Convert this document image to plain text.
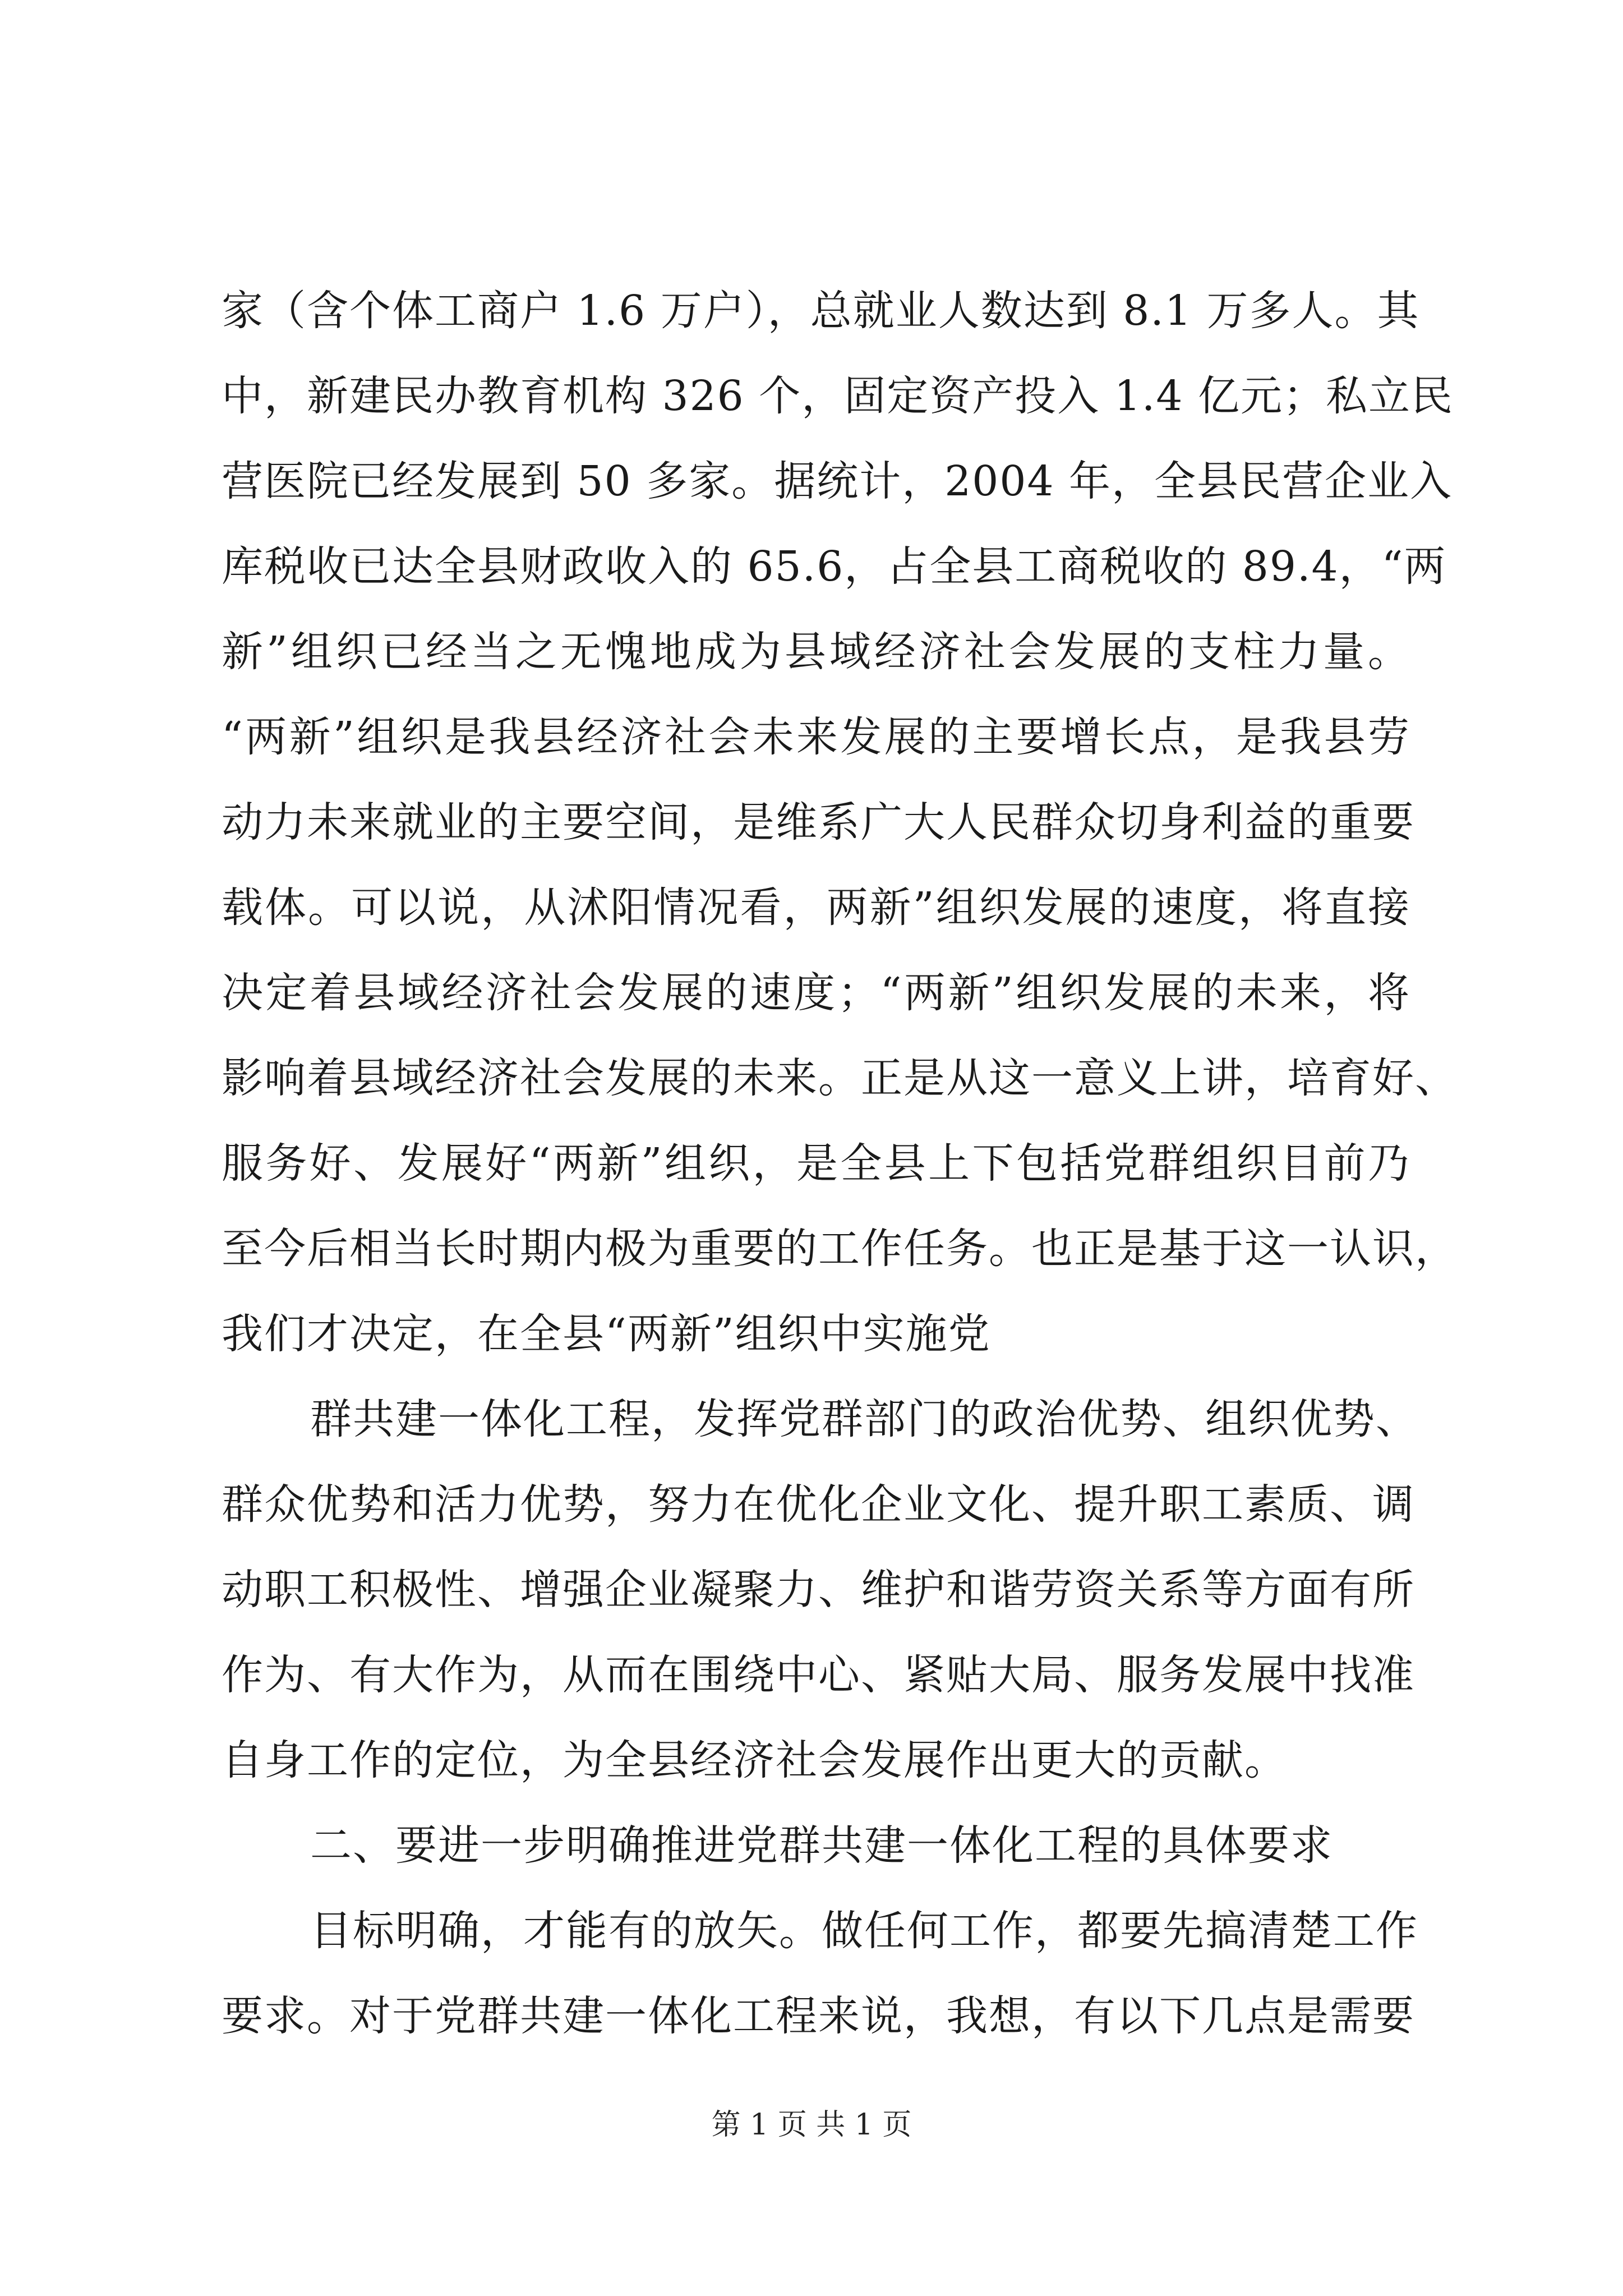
家（含个体工商户 1.6 万户），总就业人数达到 8.1 万多人。其
中，新建民办教育机构 326 个，固定资产投入 1.4 亿元；私立民
营医院已经发展到 50 多家。据统计，2004 年，全县民营企业入
库税收已达全县财政收入的 65.6，占全县工商税收的 89.4，“两
新”组织已经当之无愧地成为县域经济社会发展的支柱力量。
“两新”组织是我县经济社会未来发展的主要增长点，是我县劳
动力未来就业的主要空间，是维系广大人民群众切身利益的重要
载体。可以说，从沭阳情况看，两新”组织发展的速度，将直接
决定着县域经济社会发展的速度；“两新”组织发展的未来，将
影响着县域经济社会发展的未来。正是从这一意义上讲，培育好、
服务好、发展好“两新”组织，是全县上下包括党群组织目前乃
至今后相当长时期内极为重要的工作任务。也正是基于这一认识，
我们才决定，在全县“两新”组织中实施党
群共建一体化工程，发挥党群部门的政治优势、组织优势、
群众优势和活力优势，努力在优化企业文化、提升职工素质、调
动职工积极性、增强企业凝聚力、维护和谐劳资关系等方面有所
作为、有大作为，从而在围绕中心、紧贴大局、服务发展中找准
自身工作的定位，为全县经济社会发展作出更大的贡献。
二、要进一步明确推进党群共建一体化工程的具体要求
目标明确，才能有的放矢。做任何工作，都要先搞清楚工作
要求。对于党群共建一体化工程来说，我想，有以下几点是需要
第 1 页 共 1 页
